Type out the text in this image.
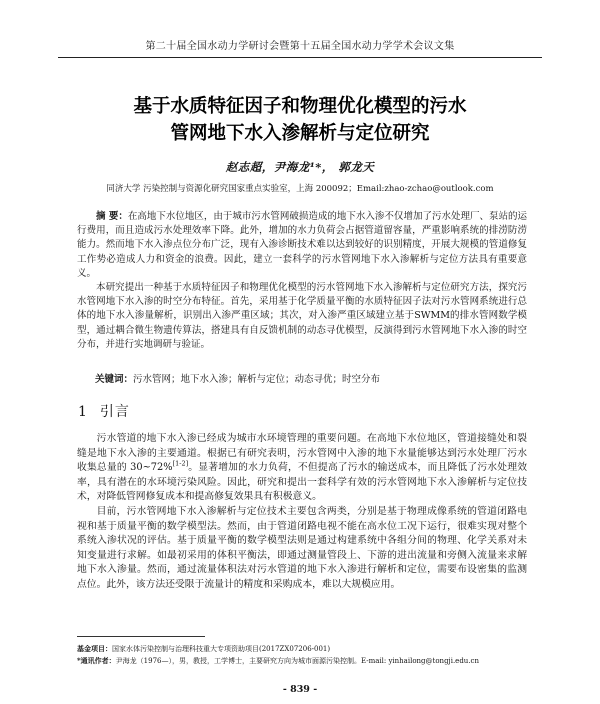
第二十届全国水动力学研讨会暨第十五届全国水动力学学术会议文集
基于水质特征因子和物理优化模型的污水
管网地下水入渗解析与定位研究
赵志超，尹海龙¹*， 郭龙天
同济大学 污染控制与资源化研究国家重点实验室，上海 200092；Email:zhao-zchao@outlook.com

摘 要：在高地下水位地区，由于城市污水管网破损造成的地下水入渗不仅增加了污水处理厂、泵站的运行费用，而且造成污水处理效率下降。此外，增加的水力负荷会占据管道留容量，严重影响系统的排涝防涝能力。然而地下水入渗点位分布广泛，现有入渗诊断技术难以达到较好的识别精度，开展大规模的管道修复工作势必造成人力和资金的浪费。因此，建立一套科学的污水管网地下水入渗解析与定位方法具有重要意义。

本研究提出一种基于水质特征因子和物理优化模型的污水管网地下水入渗解析与定位研究方法，探究污水管网地下水入渗的时空分布特征。首先，采用基于化学质量平衡的水质特征因子法对污水管网系统进行总体的地下水入渗量解析，识别出入渗严重区域；其次，对入渗严重区域建立基于SWMM的排水管网数学模型，通过耦合微生物遗传算法，搭建具有自反馈机制的动态寻优模型，反演得到污水管网地下水入渗的时空分布，并进行实地调研与验证。

关键词：污水管网；地下水入渗；解析与定位；动态寻优；时空分布
1 引言

污水管道的地下水入渗已经成为城市水环境管理的重要问题。在高地下水位地区，管道接缝处和裂缝是地下水入渗的主要通道。根据已有研究表明，污水管网中入渗的地下水量能够达到污水处理厂污水收集总量的 30~72%[1-2]。显著增加的水力负荷，不但提高了污水的输送成本，而且降低了污水处理效率，具有潜在的水环境污染风险。因此，研究和提出一套科学有效的污水管网地下水入渗解析与定位技术，对降低管网修复成本和提高修复效果具有积极意义。

目前，污水管网地下水入渗解析与定位技术主要包含两类，分别是基于物理成像系统的管道闭路电视和基于质量平衡的数学模型法。然而，由于管道闭路电视不能在高水位工况下运行，很难实现对整个系统入渗状况的评估。基于质量平衡的数学模型法则是通过构建系统中各组分间的物理、化学关系对未知变量进行求解。如最初采用的体积平衡法，即通过测量管段上、下游的进出流量和旁侧入流量来求解地下水入渗量。然而，通过流量体积法对污水管道的地下水入渗进行解析和定位，需要布设密集的监测点位。此外，该方法还受限于流量计的精度和采购成本，难以大规模应用。

基金项目：国家水体污染控制与治理科技重大专项资助项目(2017ZX07206-001)
*通讯作者：尹海龙（1976—），男，教授，工学博士，主要研究方向为城市面源污染控制。E-mail: yinhailong@tongji.edu.cn
- 839 -
